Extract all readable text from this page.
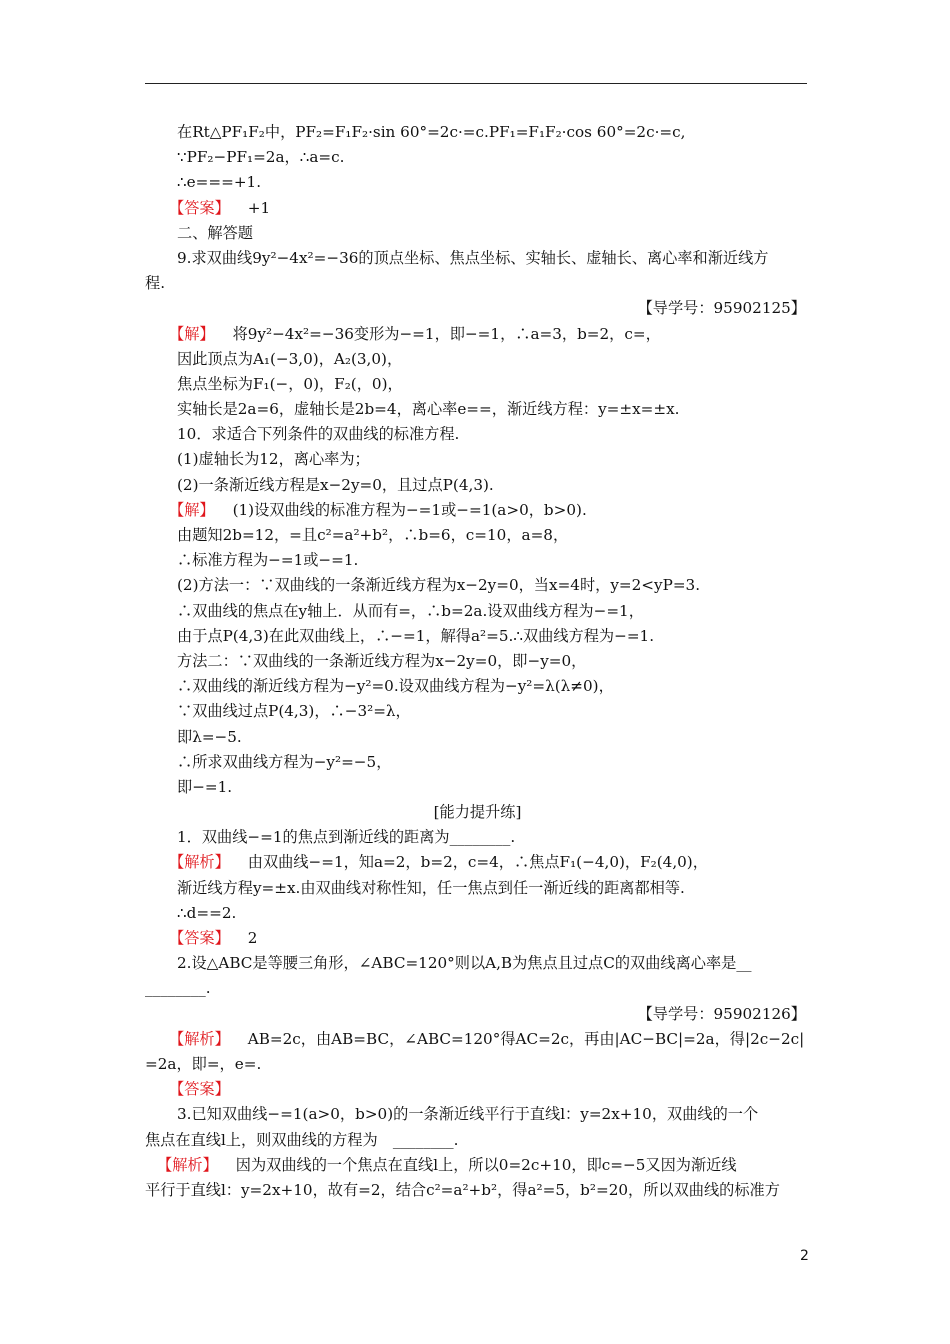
在Rt△PF₁F₂中，PF₂=F₁F₂·sin 60°=2c·=c.PF₁=F₁F₂·cos 60°=2c·=c,
∵PF₂−PF₁=2a，∴a=c.
∴e===+1.
【答案】 +1
二、解答题
9.求双曲线9y²−4x²=−36的顶点坐标、焦点坐标、实轴长、虚轴长、离心率和渐近线方
程.
【导学号：95902125】
【解】 将9y²−4x²=−36变形为−=1，即−=1，∴a=3，b=2，c=，
因此顶点为A₁(−3,0)，A₂(3,0)，
焦点坐标为F₁(−，0)，F₂(，0)，
实轴长是2a=6，虚轴长是2b=4，离心率e==，渐近线方程：y=±x=±x.
10．求适合下列条件的双曲线的标准方程.
(1)虚轴长为12，离心率为；
(2)一条渐近线方程是x−2y=0，且过点P(4,3).
【解】 (1)设双曲线的标准方程为−=1或−=1(a>0，b>0).
由题知2b=12，=且c²=a²+b²，∴b=6，c=10，a=8，
∴标准方程为−=1或−=1.
(2)方法一：∵双曲线的一条渐近线方程为x−2y=0，当x=4时，y=2<yP=3.
∴双曲线的焦点在y轴上．从而有=，∴b=2a.设双曲线方程为−=1，
由于点P(4,3)在此双曲线上，∴−=1，解得a²=5.∴双曲线方程为−=1.
方法二：∵双曲线的一条渐近线方程为x−2y=0，即−y=0，
∴双曲线的渐近线方程为−y²=0.设双曲线方程为−y²=λ(λ≠0)，
∵双曲线过点P(4,3)，∴−3²=λ，
即λ=−5.
∴所求双曲线方程为−y²=−5，
即−=1.
[能力提升练]
1．双曲线−=1的焦点到渐近线的距离为________.
【解析】 由双曲线−=1，知a=2，b=2，c=4，∴焦点F₁(−4,0)，F₂(4,0)，
渐近线方程y=±x.由双曲线对称性知，任一焦点到任一渐近线的距离都相等.
∴d==2.
【答案】 2
2.设△ABC是等腰三角形，∠ABC=120°则以A,B为焦点且过点C的双曲线离心率是__
________.
【导学号：95902126】
【解析】 AB=2c，由AB=BC，∠ABC=120°得AC=2c，再由|AC−BC|=2a，得|2c−2c|
=2a，即=，e=.
【答案】
3.已知双曲线−=1(a>0，b>0)的一条渐近线平行于直线l：y=2x+10，双曲线的一个
焦点在直线l上，则双曲线的方程为　________.
【解析】 因为双曲线的一个焦点在直线l上，所以0=2c+10，即c=−5又因为渐近线
平行于直线l：y=2x+10，故有=2，结合c²=a²+b²，得a²=5，b²=20，所以双曲线的标准方
2
